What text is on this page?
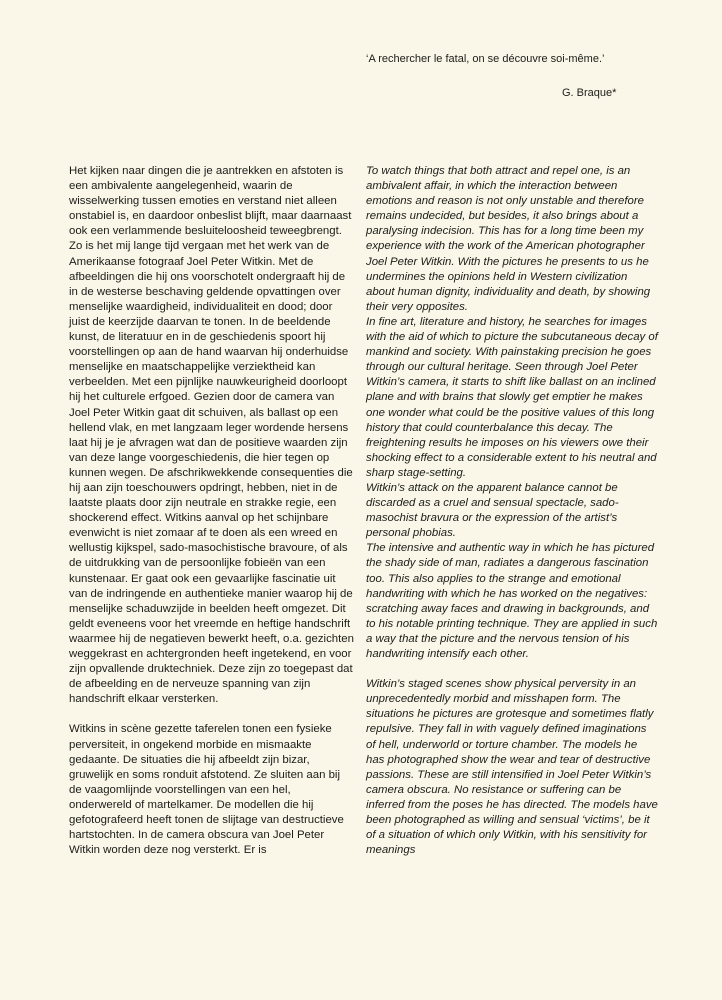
‘A rechercher le fatal, on se découvre soi-même.’

G. Braque*

Het kijken naar dingen die je aantrekken en afstoten is een ambivalente aangelegenheid, waarin de wisselwerking tussen emoties en verstand niet alleen onstabiel is, en daardoor onbeslist blijft, maar daarnaast ook een verlammende besluiteloosheid teweegbrengt. Zo is het mij lange tijd vergaan met het werk van de Amerikaanse fotograaf Joel Peter Witkin. Met de afbeeldingen die hij ons voorschotelt ondergraaft hij de in de westerse beschaving geldende opvattingen over menselijke waardigheid, individualiteit en dood; door juist de keerzijde daarvan te tonen. In de beeldende kunst, de literatuur en in de geschiedenis spoort hij voorstellingen op aan de hand waarvan hij onderhuidse menselijke en maatschappelijke verziektheid kan verbeelden. Met een pijnlijke nauwkeurigheid doorloopt hij het culturele erfgoed. Gezien door de camera van Joel Peter Witkin gaat dit schuiven, als ballast op een hellend vlak, en met langzaam leger wordende hersens laat hij je je afvragen wat dan de positieve waarden zijn van deze lange voorgeschiedenis, die hier tegen op kunnen wegen. De afschrikwekkende consequenties die hij aan zijn toeschouwers opdringt, hebben, niet in de laatste plaats door zijn neutrale en strakke regie, een shockerend effect. Witkins aanval op het schijnbare evenwicht is niet zomaar af te doen als een wreed en wellustig kijkspel, sado-masochistische bravoure, of als de uitdrukking van de persoonlijke fobieën van een kunstenaar. Er gaat ook een gevaarlijke fascinatie uit van de indringende en authentieke manier waarop hij de menselijke schaduwzijde in beelden heeft omgezet. Dit geldt eveneens voor het vreemde en heftige handschrift waarmee hij de negatieven bewerkt heeft, o.a. gezichten weggekrast en achtergronden heeft ingetekend, en voor zijn opvallende druktechniek. Deze zijn zo toegepast dat de afbeelding en de nerveuze spanning van zijn handschrift elkaar versterken.

Witkins in scène gezette taferelen tonen een fysieke perversiteit, in ongekend morbide en mismaakte gedaante. De situaties die hij afbeeldt zijn bizar, gruwelijk en soms ronduit afstotend. Ze sluiten aan bij de vaagomlijnde voorstellingen van een hel, onderwereld of martelkamer. De modellen die hij gefotografeerd heeft tonen de slijtage van destructieve hartstochten. In de camera obscura van Joel Peter Witkin worden deze nog versterkt. Er is

To watch things that both attract and repel one, is an ambivalent affair, in which the interaction between emotions and reason is not only unstable and therefore remains undecided, but besides, it also brings about a paralysing indecision. This has for a long time been my experience with the work of the American photographer Joel Peter Witkin. With the pictures he presents to us he undermines the opinions held in Western civilization about human dignity, individuality and death, by showing their very opposites.

In fine art, literature and history, he searches for images with the aid of which to picture the subcutaneous decay of mankind and society. With painstaking precision he goes through our cultural heritage. Seen through Joel Peter Witkin’s camera, it starts to shift like ballast on an inclined plane and with brains that slowly get emptier he makes one wonder what could be the positive values of this long history that could counterbalance this decay. The freightening results he imposes on his viewers owe their shocking effect to a considerable extent to his neutral and sharp stage-setting.

Witkin’s attack on the apparent balance cannot be discarded as a cruel and sensual spectacle, sado-masochist bravura or the expression of the artist’s personal phobias.

The intensive and authentic way in which he has pictured the shady side of man, radiates a dangerous fascination too. This also applies to the strange and emotional handwriting with which he has worked on the negatives: scratching away faces and drawing in backgrounds, and to his notable printing technique. They are applied in such a way that the picture and the nervous tension of his handwriting intensify each other.

Witkin’s staged scenes show physical perversity in an unprecedentedly morbid and misshapen form. The situations he pictures are grotesque and sometimes flatly repulsive. They fall in with vaguely defined imaginations of hell, underworld or torture chamber. The models he has photographed show the wear and tear of destructive passions. These are still intensified in Joel Peter Witkin’s camera obscura. No resistance or suffering can be inferred from the poses he has directed. The models have been photographed as willing and sensual ‘victims’, be it of a situation of which only Witkin, with his sensitivity for meanings
